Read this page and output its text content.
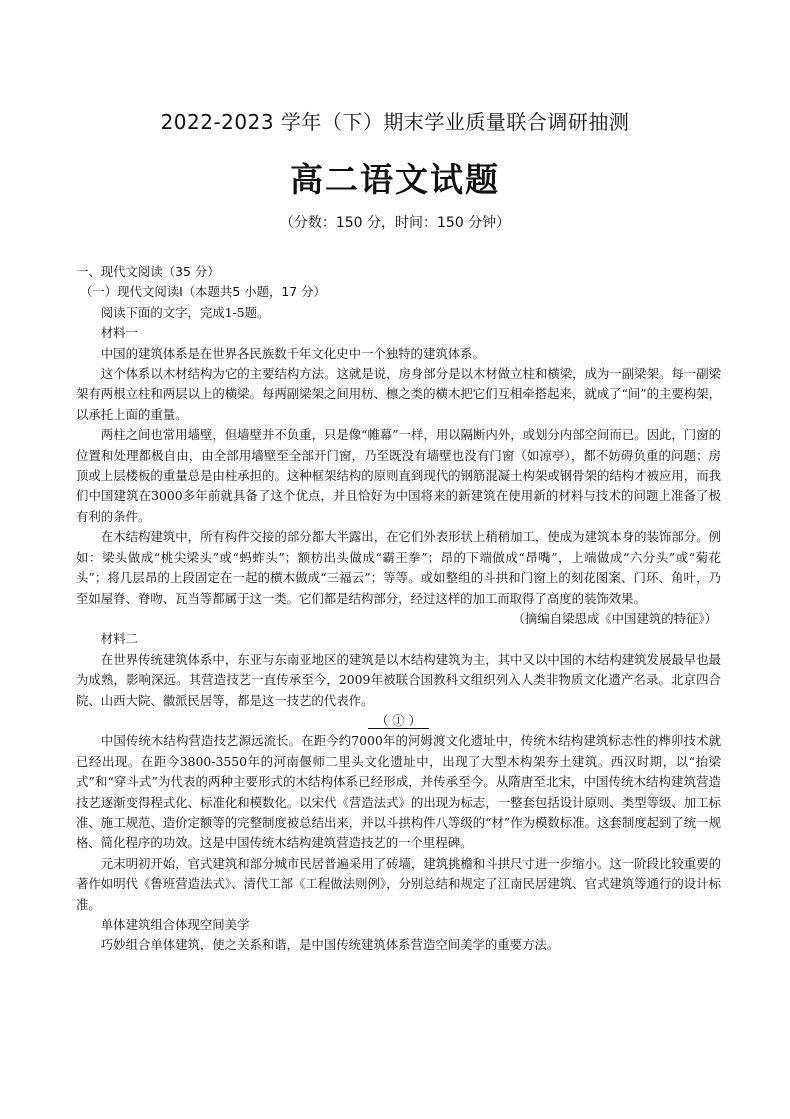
2022-2023 学年（下）期末学业质量联合调研抽测
高二语文试题
（分数：150 分，时间：150 分钟）

一、现代文阅读（35 分）

（一）现代文阅读Ⅰ（本题共5 小题，17 分）

阅读下面的文字，完成1-5题。

材料一

中国的建筑体系是在世界各民族数千年文化史中一个独特的建筑体系。

这个体系以木材结构为它的主要结构方法。这就是说，房身部分是以木材做立柱和横梁，成为一副梁架。每一副梁架有两根立柱和两层以上的横梁。每两副梁架之间用枋、檩之类的横木把它们互相牵搭起来，就成了“间”的主要构架，以承托上面的重量。

两柱之间也常用墙壁，但墙壁并不负重，只是像“帷幕”一样，用以隔断内外，或划分内部空间而已。因此，门窗的位置和处理都极自由，由全部用墙壁至全部开门窗，乃至既没有墙壁也没有门窗（如凉亭），都不妨碍负重的问题；房顶或上层楼板的重量总是由柱承担的。这种框架结构的原则直到现代的钢筋混凝土构架或钢骨架的结构才被应用，而我们中国建筑在3000多年前就具备了这个优点，并且恰好为中国将来的新建筑在使用新的材料与技术的问题上准备了极有利的条件。

在木结构建筑中，所有构件交接的部分都大半露出，在它们外表形状上稍稍加工，使成为建筑本身的装饰部分。例如：梁头做成“桃尖梁头”或“蚂蚱头”；额枋出头做成“霸王拳”；昂的下端做成“昂嘴”，上端做成“六分头”或“菊花头”；将几层昂的上段固定在一起的横木做成“三福云”；等等。或如整组的斗拱和门窗上的刻花图案、门环、角叶，乃至如屋脊、脊吻、瓦当等都属于这一类。它们都是结构部分，经过这样的加工而取得了高度的装饰效果。

（摘编自梁思成《中国建筑的特征》）

材料二

在世界传统建筑体系中，东亚与东南亚地区的建筑是以木结构建筑为主，其中又以中国的木结构建筑发展最早也最为成熟，影响深远。其营造技艺一直传承至今，2009年被联合国教科文组织列入人类非物质文化遗产名录。北京四合院、山西大院、徽派民居等，都是这一技艺的代表作。

（ ① ）

中国传统木结构营造技艺源远流长。在距今约7000年的河姆渡文化遗址中，传统木结构建筑标志性的榫卯技术就已经出现。在距今3800-3550年的河南偃师二里头文化遗址中，出现了大型木构架夯土建筑。西汉时期，以“抬梁式”和“穿斗式”为代表的两种主要形式的木结构体系已经形成，并传承至今。从隋唐至北宋，中国传统木结构建筑营造技艺逐渐变得程式化、标准化和模数化。以宋代《营造法式》的出现为标志，一整套包括设计原则、类型等级、加工标准、施工规范、造价定额等的完整制度被总结出来，并以斗拱构件八等级的“材”作为模数标准。这套制度起到了统一规格、简化程序的功效。这是中国传统木结构建筑营造技艺的一个里程碑。

元末明初开始，官式建筑和部分城市民居普遍采用了砖墙，建筑挑檐和斗拱尺寸进一步缩小。这一阶段比较重要的著作如明代《鲁班营造法式》、清代工部《工程做法则例》，分别总结和规定了江南民居建筑、官式建筑等通行的设计标准。

单体建筑组合体现空间美学

巧妙组合单体建筑，使之关系和谐，是中国传统建筑体系营造空间美学的重要方法。
